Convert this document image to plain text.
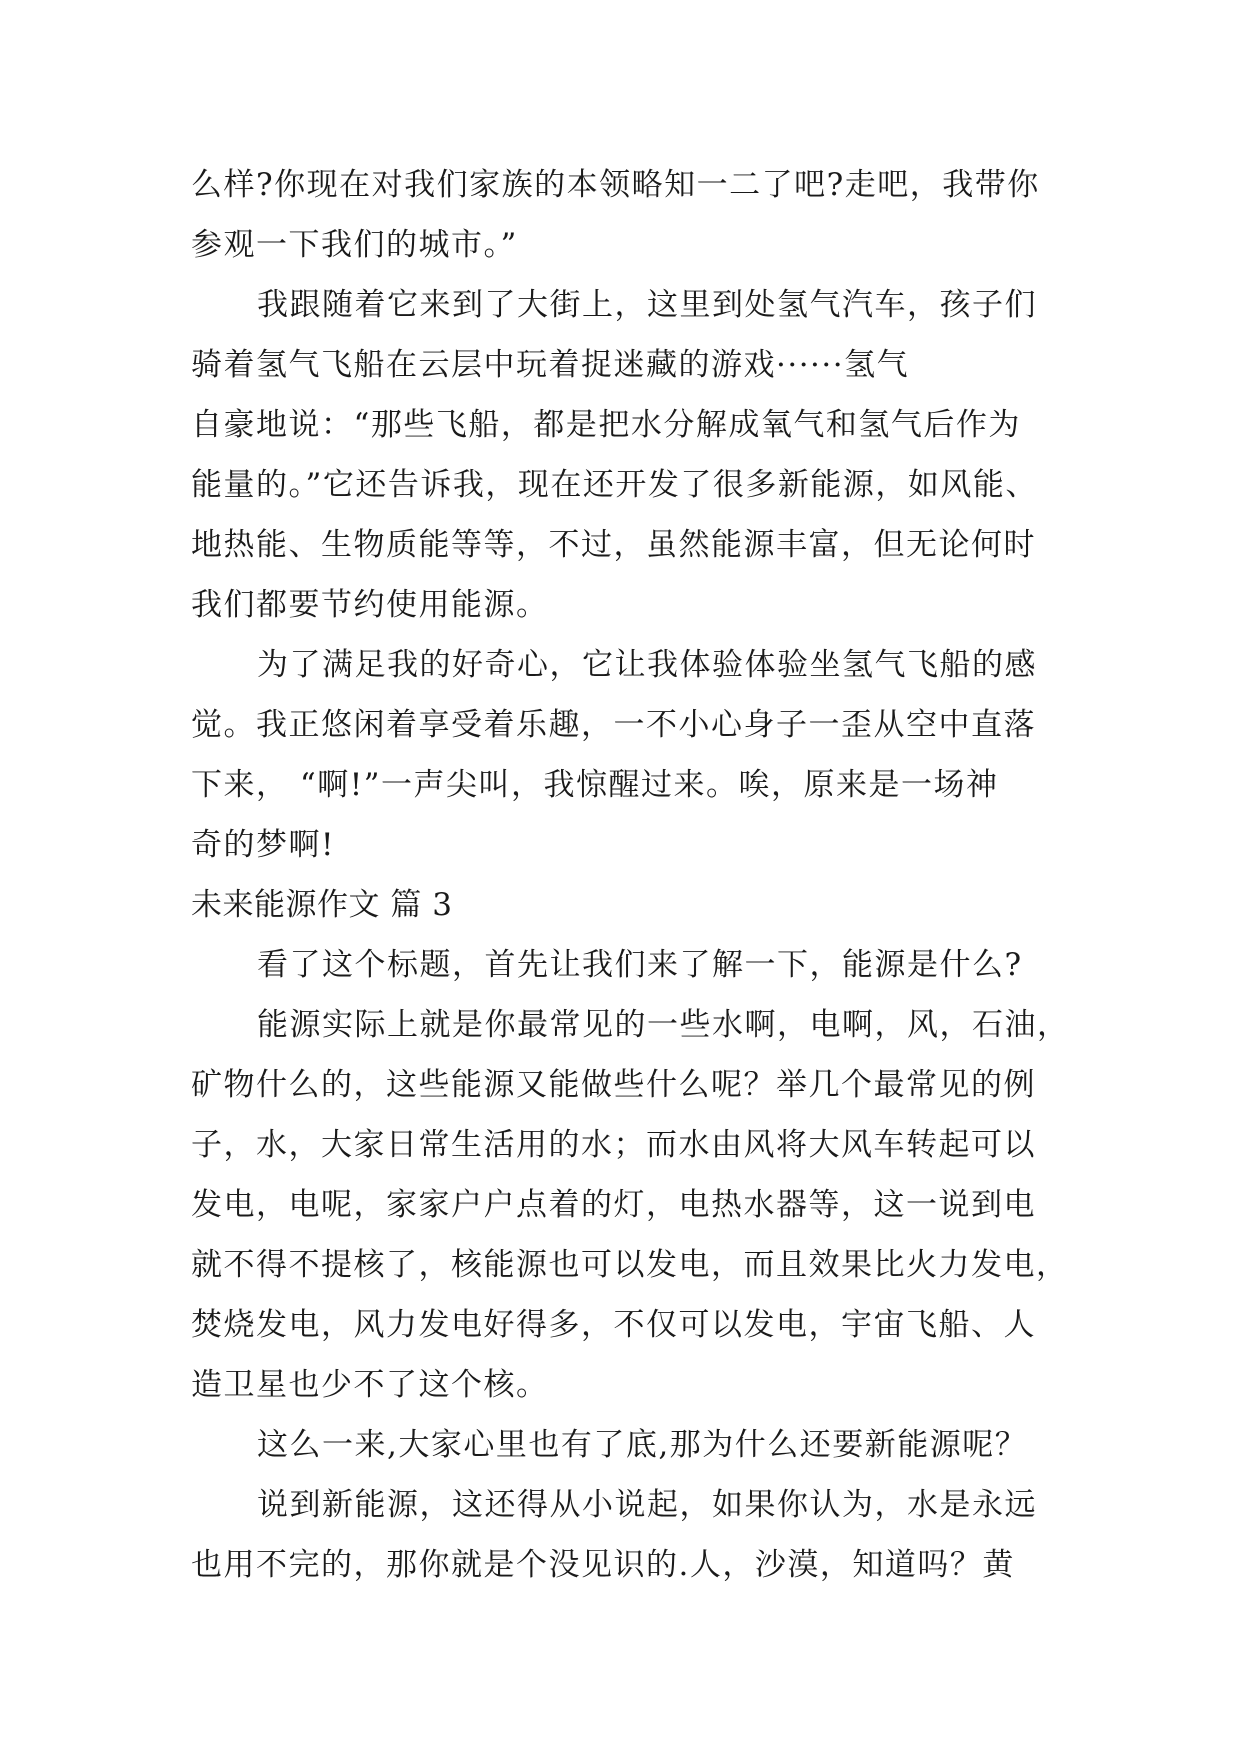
么样?你现在对我们家族的本领略知一二了吧?走吧，我带你
参观一下我们的城市。”
我跟随着它来到了大街上，这里到处氢气汽车，孩子们
骑着氢气飞船在云层中玩着捉迷藏的游戏······氢气
自豪地说：“那些飞船，都是把水分解成氧气和氢气后作为
能量的。”它还告诉我，现在还开发了很多新能源，如风能、
地热能、生物质能等等，不过，虽然能源丰富，但无论何时
我们都要节约使用能源。
为了满足我的好奇心，它让我体验体验坐氢气飞船的感
觉。我正悠闲着享受着乐趣，一不小心身子一歪从空中直落
下来， “啊!”一声尖叫，我惊醒过来。唉，原来是一场神
奇的梦啊!
未来能源作文 篇 3
看了这个标题，首先让我们来了解一下，能源是什么?
能源实际上就是你最常见的一些水啊，电啊，风，石油，
矿物什么的，这些能源又能做些什么呢？举几个最常见的例
子，水，大家日常生活用的水；而水由风将大风车转起可以
发电，电呢，家家户户点着的灯，电热水器等，这一说到电
就不得不提核了，核能源也可以发电，而且效果比火力发电，
焚烧发电，风力发电好得多，不仅可以发电，宇宙飞船、人
造卫星也少不了这个核。
这么一来,大家心里也有了底,那为什么还要新能源呢？
说到新能源，这还得从小说起，如果你认为，水是永远
也用不完的，那你就是个没见识的.人，沙漠，知道吗？黄
